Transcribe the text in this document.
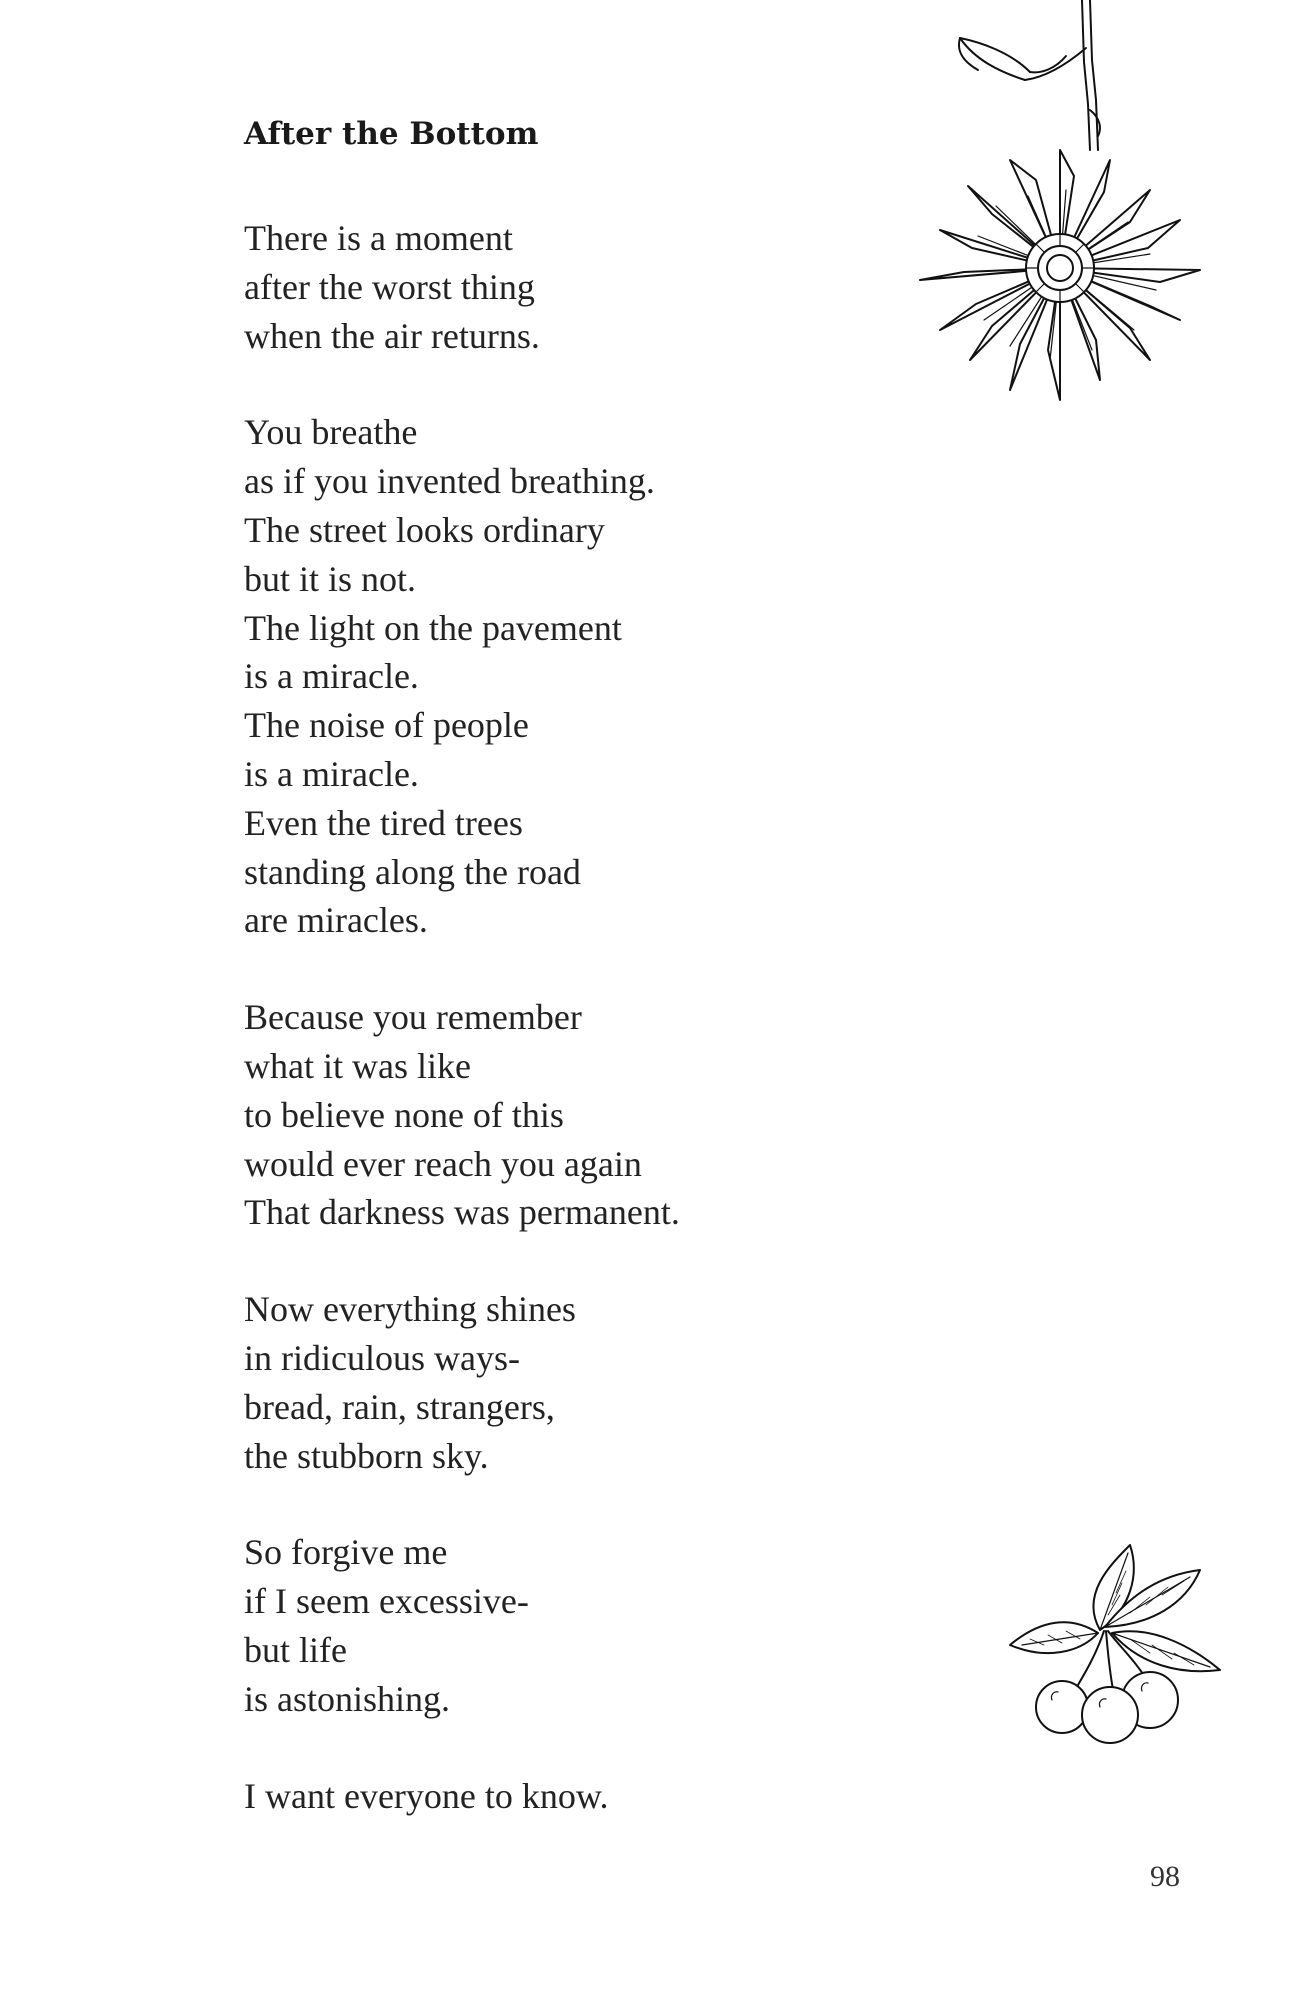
After the Bottom

There is a moment
after the worst thing
when the air returns.

You breathe
as if you invented breathing.
The street looks ordinary
but it is not.
The light on the pavement
is a miracle.
The noise of people
is a miracle.
Even the tired trees
standing along the road
are miracles.

Because you remember
what it was like
to believe none of this
would ever reach you again
That darkness was permanent.

Now everything shines
in ridiculous ways-
bread, rain, strangers,
the stubborn sky.

So forgive me
if I seem excessive-
but life
is astonishing.

I want everyone to know.

98
